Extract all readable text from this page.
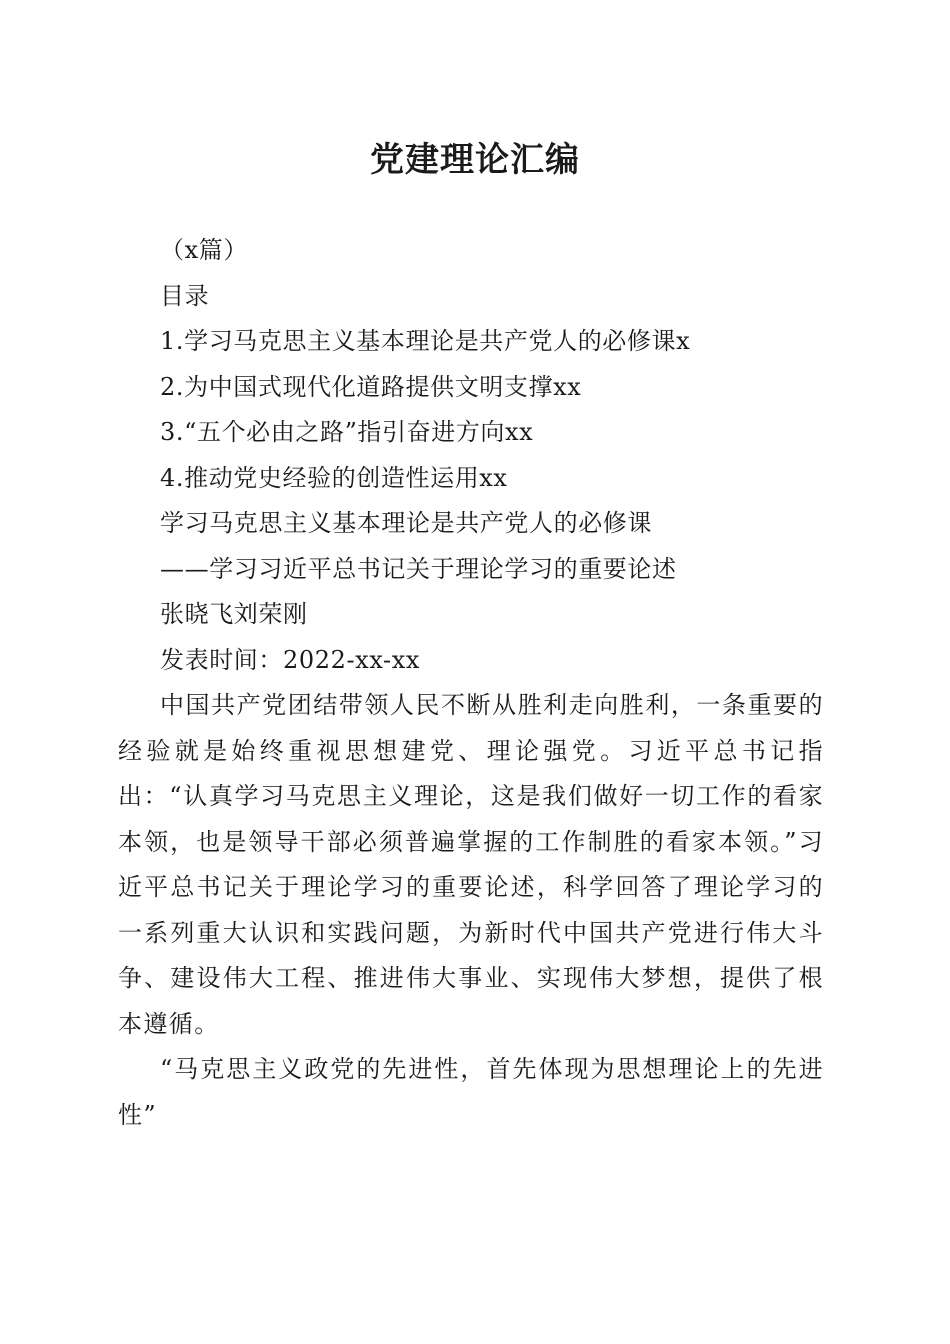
党建理论汇编
（x篇）
目录
1.学习马克思主义基本理论是共产党人的必修课x
2.为中国式现代化道路提供文明支撑xx
3.“五个必由之路”指引奋进方向xx
4.推动党史经验的创造性运用xx
学习马克思主义基本理论是共产党人的必修课
——学习习近平总书记关于理论学习的重要论述
张晓飞刘荣刚
发表时间：2022-xx-xx
中国共产党团结带领人民不断从胜利走向胜利，一条重要的经验就是始终重视思想建党、理论强党。习近平总书记指出：“认真学习马克思主义理论，这是我们做好一切工作的看家本领，也是领导干部必须普遍掌握的工作制胜的看家本领。”习近平总书记关于理论学习的重要论述，科学回答了理论学习的一系列重大认识和实践问题，为新时代中国共产党进行伟大斗争、建设伟大工程、推进伟大事业、实现伟大梦想，提供了根本遵循。
“马克思主义政党的先进性，首先体现为思想理论上的先进性”
